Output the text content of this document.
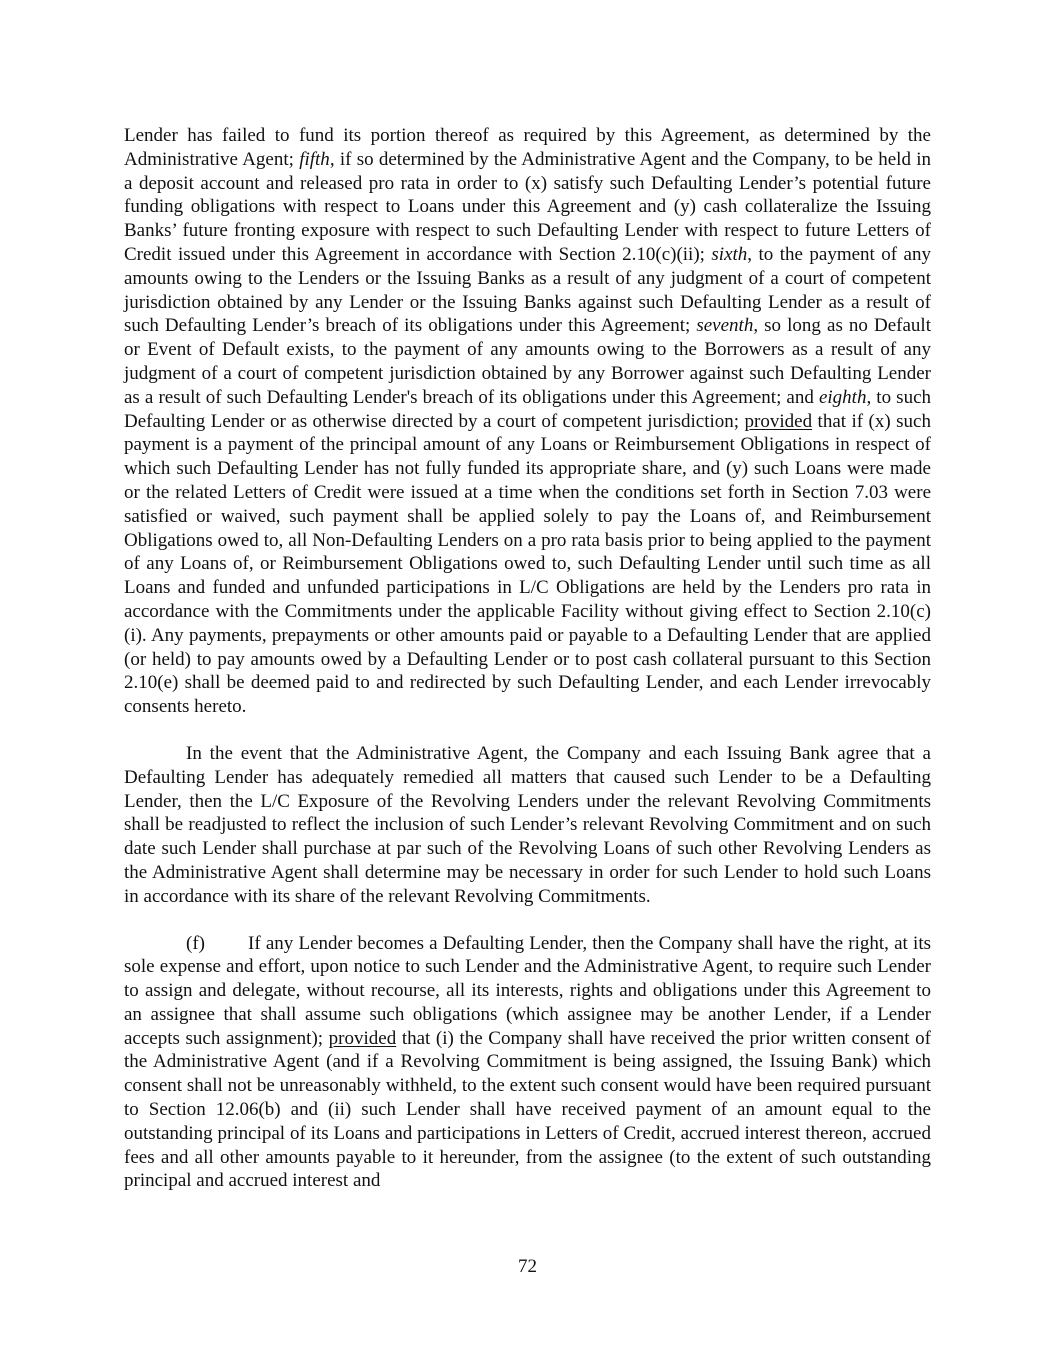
Lender has failed to fund its portion thereof as required by this Agreement, as determined by the Administrative Agent; fifth, if so determined by the Administrative Agent and the Company, to be held in a deposit account and released pro rata in order to (x) satisfy such Defaulting Lender’s potential future funding obligations with respect to Loans under this Agreement and (y) cash collateralize the Issuing Banks’ future fronting exposure with respect to such Defaulting Lender with respect to future Letters of Credit issued under this Agreement in accordance with Section 2.10(c)(ii); sixth, to the payment of any amounts owing to the Lenders or the Issuing Banks as a result of any judgment of a court of competent jurisdiction obtained by any Lender or the Issuing Banks against such Defaulting Lender as a result of such Defaulting Lender’s breach of its obligations under this Agreement; seventh, so long as no Default or Event of Default exists, to the payment of any amounts owing to the Borrowers as a result of any judgment of a court of competent jurisdiction obtained by any Borrower against such Defaulting Lender as a result of such Defaulting Lender's breach of its obligations under this Agreement; and eighth, to such Defaulting Lender or as otherwise directed by a court of competent jurisdiction; provided that if (x) such payment is a payment of the principal amount of any Loans or Reimbursement Obligations in respect of which such Defaulting Lender has not fully funded its appropriate share, and (y) such Loans were made or the related Letters of Credit were issued at a time when the conditions set forth in Section 7.03 were satisfied or waived, such payment shall be applied solely to pay the Loans of, and Reimbursement Obligations owed to, all Non-Defaulting Lenders on a pro rata basis prior to being applied to the payment of any Loans of, or Reimbursement Obligations owed to, such Defaulting Lender until such time as all Loans and funded and unfunded participations in L/C Obligations are held by the Lenders pro rata in accordance with the Commitments under the applicable Facility without giving effect to Section 2.10(c)(i). Any payments, prepayments or other amounts paid or payable to a Defaulting Lender that are applied (or held) to pay amounts owed by a Defaulting Lender or to post cash collateral pursuant to this Section 2.10(e) shall be deemed paid to and redirected by such Defaulting Lender, and each Lender irrevocably consents hereto.

In the event that the Administrative Agent, the Company and each Issuing Bank agree that a Defaulting Lender has adequately remedied all matters that caused such Lender to be a Defaulting Lender, then the L/C Exposure of the Revolving Lenders under the relevant Revolving Commitments shall be readjusted to reflect the inclusion of such Lender’s relevant Revolving Commitment and on such date such Lender shall purchase at par such of the Revolving Loans of such other Revolving Lenders as the Administrative Agent shall determine may be necessary in order for such Lender to hold such Loans in accordance with its share of the relevant Revolving Commitments.

(f) If any Lender becomes a Defaulting Lender, then the Company shall have the right, at its sole expense and effort, upon notice to such Lender and the Administrative Agent, to require such Lender to assign and delegate, without recourse, all its interests, rights and obligations under this Agreement to an assignee that shall assume such obligations (which assignee may be another Lender, if a Lender accepts such assignment); provided that (i) the Company shall have received the prior written consent of the Administrative Agent (and if a Revolving Commitment is being assigned, the Issuing Bank) which consent shall not be unreasonably withheld, to the extent such consent would have been required pursuant to Section 12.06(b) and (ii) such Lender shall have received payment of an amount equal to the outstanding principal of its Loans and participations in Letters of Credit, accrued interest thereon, accrued fees and all other amounts payable to it hereunder, from the assignee (to the extent of such outstanding principal and accrued interest and

72
